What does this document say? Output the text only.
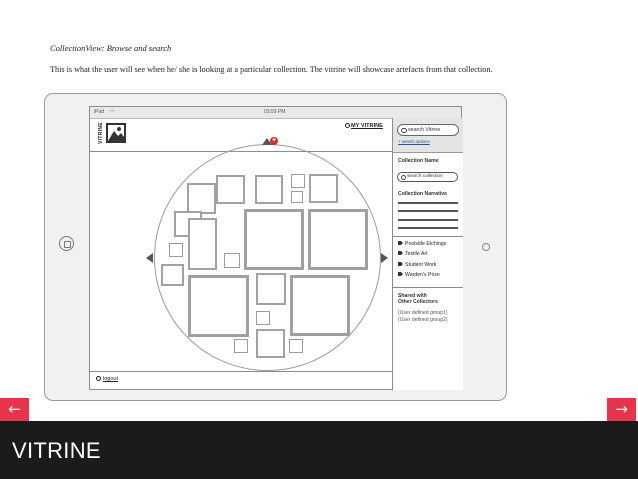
CollectionView: Browse and search
This is what the user will see when he/ she is looking at a particular collection. The vitrine will showcase artefacts from that collection.
iPad ◠	03:59 PM
VITRINE	MY VITRINE
+
logout
search Vitrine
+ search options
Collection Name
search collection
Collection Narrative
Poolside Etchings
Textile Art
Student Work
Warden's Prize
Shared with
Other Collectors
(User defined group1)
(User defined group2)
←	→
VITRINE
